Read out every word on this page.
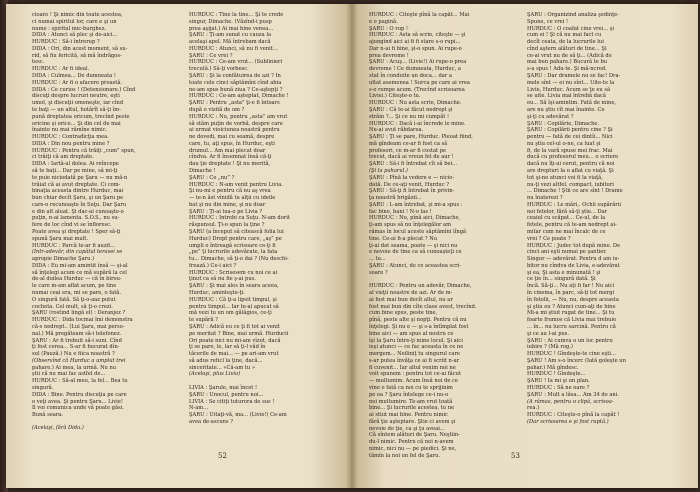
cioare ! Şi nimic din toate acestea,

ci numai spiritul lor, care e şi un

nume : spiritul mic-burghez.

DIDA : Atunci să plec şi de-aici...

HURDUC : Să-i întrerup ?

DIDA : Ori, din acest moment, să su-

rid, să fiu fericită, să mă îndrăgos-

tesc.

HURDUC : Ar fi ideal.

DIDA : Culmea... De dumneata !

HURDUC : Ar fi o afacere proastă.

DIDA : Ce curios ! (Detensionare.) Cînd

discuţi despre lucruri neutre, eşti

umol, şi discuţii omeneşte, iar cînd

te baţi — un altul, hotărît să-ţi îm-

pună dreptatea oricum, trecînd peste

oricine şi orice... Şi din cel de mai

înainte nu mai rămîne nimic.

HURDUC : Contradicţia mea.

DIDA : Din nou pentru mine ?

HURDUC : Pentru că trăiţi „cum” spun,

ci trăiţi că am dreptate.

DIDA : Iartă-al dolea. Ai reîncepe

să te baţi... Dar pe mine, să mi-ţi

te puie niciodată pe Şaru — nu mă-n

trăiat că ai avut dreptate. Ci com-

binaţia aceasta dintre Hurduc, mai

bun chiar decît Şaru, şi un Şaru pe

care-o recunoaşte în Suţu. Dar Şaru

e din alt aluat. Şi dac-ai cunoaşte-o

puţin, n-ai lamenta. S.O.S., nu su-

fere de loc cînd vi se înfloresc.

Poate avea şi dreptate ! Sper să-ţi

spună Şaru mai mult.

HURDUC : Parcă te-ar fi auzit...

(Intr-adevăr, din capătul terasei se

apropie Dimache Şaru.)

DIDA : Eu mi-am amintit însă — şi-al

să înţelegi acum ce mă supără la cel

de-al doilea Hurduc — că în birou-

le care m-am aflat acum, pe tine

numai ceai era, mi se pare, o fată.

O singură fată. Să ţi-o-aaz putut

cocheta. Cel mult, să ţi-o crezi.

ŞARU (rostind lingă el) : Deranjez ?

HURDUC : Dida tocmai îmi demonstra

că-s nedrept.. (Lui Şaru, mai perso-

nal.) Mă pregăteam să-i telefonez.

ŞARU : Ar fi trebuit să-i suni. Cînd

ţi fost cerea... S-ar fi bucurat dîn-

sul (Pauză.) Nu e fiica noastră ?

(Observînd că Hurduc a umplut trei

pahare.) Ai mea, la urmă. Nu nu

ştii că nu mai fac astfel de...

HURDUC : Să-al meu, la fel... Bea tu

singură.

DIDA : Bine. Pentru discuţia pe care

o veţi avea. Şi pentru Şaru... Livie!

Il voi comunica unde vă poate găsi.

Bună seara.

(Acelaşi, fără Dida.)

HURDUC : Tine la tine... Şi te crede

singur, Dimache. (Văzînd-i pusp

prea aşijat.) Ai mai bine venea...

ŞARU : Ţi-am sunat cu cauza la

acelaşi apel. Mă întrebam dacă

HURDUC : Atunci, să nu fi venit...

ŞARU : Ce vrei ?

HURDUC : Ce-am vrut... (Sublinieri

trecută.) Să-ţi vorbesc.

ŞARU : Şi la confătuirea de azi ? In

toate cele cinci săptămîni cînd abia

ne-am spus bună ziua ? Ce-aştepţi ?

HURDUC : Ce-am aşteptat, Dimache !

ŞARU : Pentru „asta” ţi-e fi întoars

după o vizită de om ?

HURDUC : Nu, pentru „asta” am vrut

să stăm puţin de vorbă, despre care

ai urmat vioiciunea noastră pentru

ne dovedi, mai cu seamă, despre

care, tu, aţi spus, în Hurduc, eşti

drumul... Am mai plecat doar

cîndva. Ar fi însemnat însă că-ţi

dau ţie dreptate ! Şi nu merită,

Dimache !

ŞARU : Ce „nu” ?

HURDUC : N-am venit pentru Livia.

Şi nu-mi e pentru că nu aş vrea

— te-n ăst vînidă tu alţii cu ideile

bat şi nu din mine, şi nu doar

ŞARU : Ţi-ai lua-o pe Livia ?

HURDUC : Intrebi ca Suţu. N-am dorit

răspunsul. Ţi-o spun la ţine ?

ŞARU (a început să citească folia lui

Hurduc) Drept pentru care, „aş” pe

umpli o întreagă scrisoare ce-ţi fi

„pe” ţi lucrurile adevărate, la fata

tu... Dimache, să ţi-o dai ? (Nu deschi-

frează.) Ce-i aici ?

HURDUC : Scrisesem cu noi ce ai

ţinut ca să nu fie ş-ai pus.

ŞARU : Şi mai ales în seara aceea,

Hurduc, aminteşte-ţi.

HURDUC : Că ţi-a lipsit timpul, şi

pentru timpul... Iar te-ai apucat să

mă vezi tu un om gălăgios, ce-ţi

te supără ?

ŞARU : Adică eu ce ţi fi tot ai venit

pe meritat ? Bine, mai urmă. Hurducii

Ori poate nici nu mi-am vîzut, dacă

ţi se pare, le, lar să ţi-l văd în

tăcerile de mai... — pe ari-am vrut

să adus reticl la ţine, dacă...

sinceritate... «Că-am tu »

(Acelaşi, plus Livia)

LIVIA : Şarule, mai încet !

ŞARU : Unocul, pentru noi...

LIVIA : Se citiţi tuturora de sus !

N-am...

ŞARU : Uitaţi-vă, ma... (Livie!) Ce-am

avea de-ascuns ?

52

HURDUC : Citeşte pînă la capăt... Mai

e o pagină.

ŞARU : O rup !

HURDUC : Asta să scrie, citeşte — şi

ajungînd aici ai fi fi stare s-o rupi...

Dar n-ai fi bine, şi-o spun. Ai rupe-o

prea devreme !

ŞARU : Acuş... (Livie!) Ai rupe-o prea

devreme ! Ce dumneata, Hurduc, a

stat în conduite un doca... dar a

ultat asemenea ! Surca pe care ai vrea

s-o rumpe acum. (Trecînd scrisoarea

Liviei.) Citeşte-o tu.

HURDUC : Nu asta scrie, Dimache.

ŞARU : Că te-ai făcut nedrept şi

străin ?... Şi ce nu mi cumpăt !

HURDUC : Dacă i-ai încrede le mine.

Nu-ai avut răbdarea.

ŞARU : Ţi se pare, Hurduc. Pleoat fiind,

mă gîndeam ce-ar fi fost ca să

profesori, ce m-ar fi costat pe

trecut, dacă ai vreun fel de aur !

ŞARU : Să-i fi întrebat cît să bei...

(Şi la paharul.)

ŞARU : Pînă la vedere e — nicio-

dată. De ce-aţi venit, Hurduc ?

ŞARU : Să-ţi fi întrebat în privin-

ţa noastră brigăzii...

ŞARU : L-am întrebat, şi mi-a spus :

fac bine, bani ! N-o las !

HURDUC : Nu, pînă aici, Dimache,

ţi-am spus să nu înţelegălor am

rămas în locul aceste săptămîni lîngă

tine. Ce-ai fi-a plecat ? Nu

ţi-ai dat seama, poate — şi nici nu

e nevoie de tine ca să cunoaşteţi ce

... tu...

ŞARU : Atunci, de ce aceastea scri-

soare ?

HURDUC : Pentru un adevăr, Dimache,

al vieţii noastre de azi. Ar de m-

ai fost mai bun decît altul, nu ar

fost mai bun din cîte clase avest, trecînd.

cum bine spus, peste tine,

pînă, peste alte şi nopţi. Pentru că nu

înţelegi. Şi nu e — şi s-a întîmplat fost

bine aici — am spus al nostru ce

îşi la Şaru între-ţi mine locul. Şi aici

ieşi atunci — ce fac aceasta în ce ne

mergem... Neiliniţ tu singurul care

s-ar putea învăţa ce ai fi scriit n-ar

fi cuvenit... Iar altul venim noi ne

voit spunem : pentru tot ce-ai făcut

— multumim. Acum însă noi de ce

vine o fată ca noi cu te sprijinim

pe ea ? Şaru întelege ce-i nu-o

noi multumire. Te-am vrut toată

bine... Şi lucrurile acestea, tu ne

ai stiut mai bine. Pentru nimic

fără ţie aşteptare. Ştie ci avem şi

nevoie de ţie, ca şi ţu aveai...

Că sîntem alături de Şaru. Neştiin-

du-l nimic. Pentru că noi n-avem

nimic, nici nu — pe piedici. Şi ne,

tămîn la noi un fel de Şaru.

ŞARU : Organizind analiza şedinţe-

Spune, ce vrei !

HURDUC : O coafat cine vrei... şi

cum ei ! Şi că nu mai fact cu

decît ceata, de la lucrurile lui

cînd aştern alături de tine... Şi

ce-ai vrut nu de să ţi... (Adică de

mai bun pahare.) Bucură te bu

s-a spus ! Adu-te. Şi mă-ncred.

ŞARU : Dar dramele nu se fac! Dra-

mele sînt — ei nu sînt... Uite-te la

Livie, Hurduc. Acum se ţe eu să

se uite. Livia mai întrebă dacă

eu... Să îşi-amintim. Fată de mine,

are nu ştiu cît mai înainte. Ce

şi-ţi cu adevărat ?

ŞARU : Copilărie, Dimache.

ŞARU : Copilării pentru cine ? Şi

pentru — fată de cei dintîi... Nici

nu ştiu cel-ul o-ne, ca luat şi

fi, de la vară spuse mei frac. Mai

ducă cu profesorul meu... o scriere

dacă nu îţi-ai cerut, pentru că noi

are drepturi la o aflat cu viaţă. Şi

tot şi-ne atunci voi fi la viaţă,

nu-ţi vezi altfel, compact, iubitori

... Dimache ! Ştii ce are sînt ! Drame

nu înaterezi ?

HURDUC : Le mări,. Ochii supărării

noi fetelor, fără să-ţi ştie... Dar

ceaiul cu scăpat... Ce-ul, de la

fetele, pentru că te-am nedrept ai-

mitar cum ne mai încalc de ce

vrei ? Ce poate ?

HURDUC : Judec tot după mine. De

cinci ani eşti numai pe şantier.

Singur — adevărat. Pentru d am iu-

bitor nu cîndva de Livia, e-adevărat

şi ea, Şi asta e minunată ! şi

ce ţie în... singură dată. Şi

încă. Să-ţi... Nu aţi fi far ! Nu aici

în cinema, în parc, să-ţi tot mergi

în fotolii, — Nu, nu, despre aceasta

şi ştiu eu ? Atunci cum-aţi de bine

Mi-a mi ştiut rugat de tine... Şi tu

foarte frumos că Livia mai trebuie

... în... nu lucru sarcină. Pentru că

şi ce au l-ai pus.

ŞARU : Ai cumva o un loc pentru

iubire ? (Mă rog.)

HURDUC ! Gîndeşte-te cine eşti...

ŞARU ! Am s-o încerc (Iată goleşte un

pahar.) Mă gîndesc.

HURDUC ! Gîndeşte...

ŞARU ! Ia mi şi un plan.

HURDUC : Să ne oare ?

ŞARU : Mult a lăsa... Am 34 de ani.

(A rămas, pentru o clipă, scrisoa-

rea.)

HURDUC : Citeşte-o pînă la capăt !

(Dar scrisoarea e şi fost ruptă.)

53
